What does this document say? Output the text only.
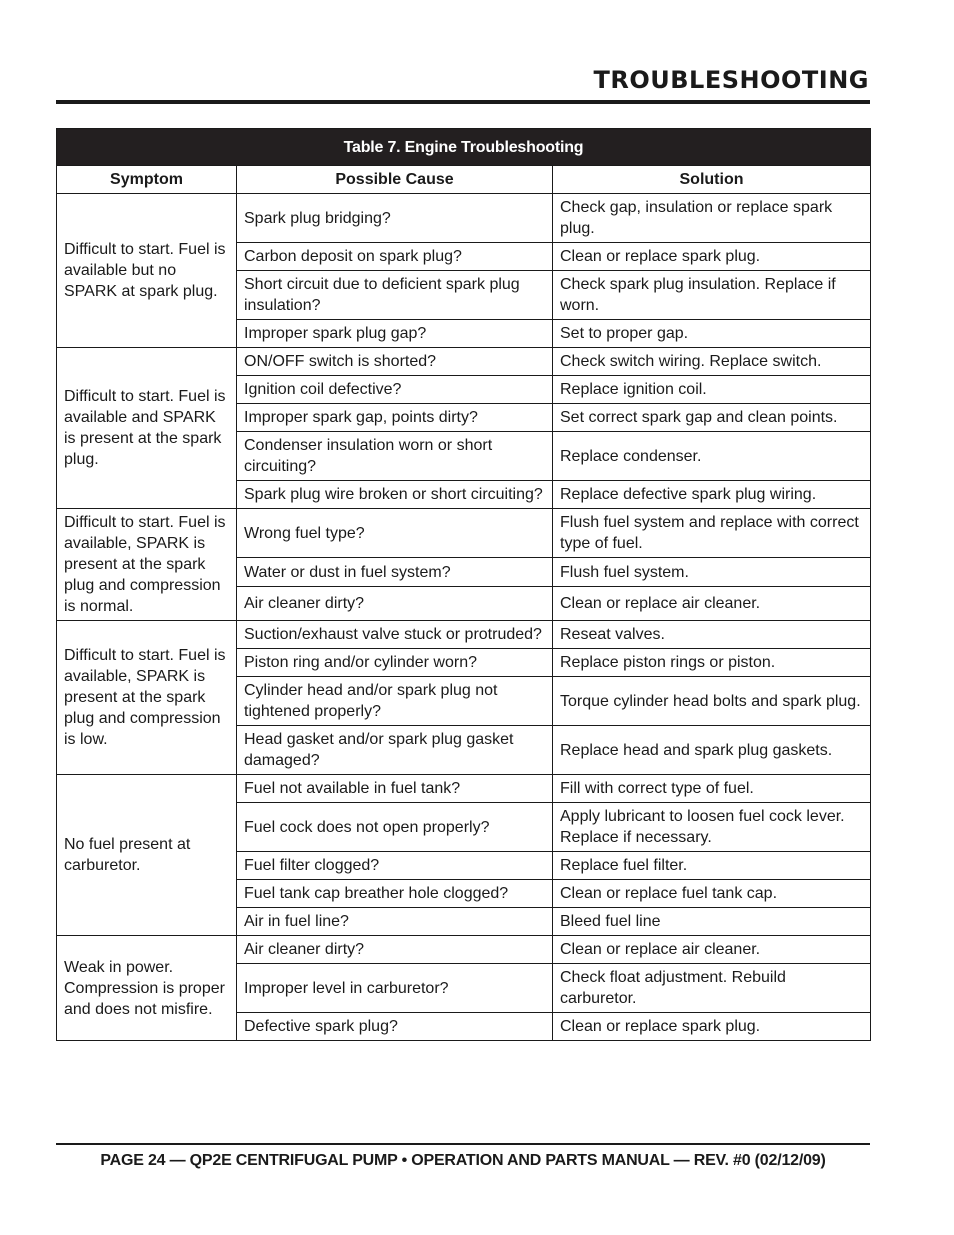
TROUBLESHOOTING
Table 7. Engine Troubleshooting		
Symptom	Possible Cause	Solution
Difficult to start. Fuel is available but no SPARK at spark plug.	Spark plug bridging?	Check gap, insulation or replace spark plug.
	Carbon deposit on spark plug?	Clean or replace spark plug.
	Short circuit due to deficient spark plug insulation?	Check spark plug insulation. Replace if worn.
	Improper spark plug gap?	Set to proper gap.
Difficult to start. Fuel is available and SPARK is present at the spark plug.	ON/OFF switch is shorted?	Check switch wiring. Replace switch.
	Ignition coil defective?	Replace ignition coil.
	Improper spark gap, points dirty?	Set correct spark gap and clean points.
	Condenser insulation worn or short circuiting?	Replace condenser.
	Spark plug wire broken or short circuiting?	Replace defective spark plug wiring.
Difficult to start. Fuel is available, SPARK is present at the spark plug and compression is normal.	Wrong fuel type?	Flush fuel system and replace with correct type of fuel.
	Water or dust in fuel system?	Flush fuel system.
	Air cleaner dirty?	Clean or replace air cleaner.
Difficult to start. Fuel is available, SPARK is present at the spark plug and compression is low.	Suction/exhaust valve stuck or protruded?	Reseat valves.
	Piston ring and/or cylinder worn?	Replace piston rings or piston.
	Cylinder head and/or spark plug not tightened properly?	Torque cylinder head bolts and spark plug.
	Head gasket and/or spark plug gasket damaged?	Replace head and spark plug gaskets.
No fuel present at carburetor.	Fuel not available in fuel tank?	Fill with correct type of fuel.
	Fuel cock does not open properly?	Apply lubricant to loosen fuel cock lever. Replace if necessary.
	Fuel filter clogged?	Replace fuel filter.
	Fuel tank cap breather hole clogged?	Clean or replace fuel tank cap.
	Air in fuel line?	Bleed fuel line
Weak in power. Compression is proper and does not misfire.	Air cleaner dirty?	Clean or replace air cleaner.
	Improper level in carburetor?	Check float adjustment. Rebuild carburetor.
	Defective spark plug?	Clean or replace spark plug.
PAGE 24 — QP2E CENTRIFUGAL PUMP • OPERATION AND PARTS MANUAL — REV. #0 (02/12/09)
